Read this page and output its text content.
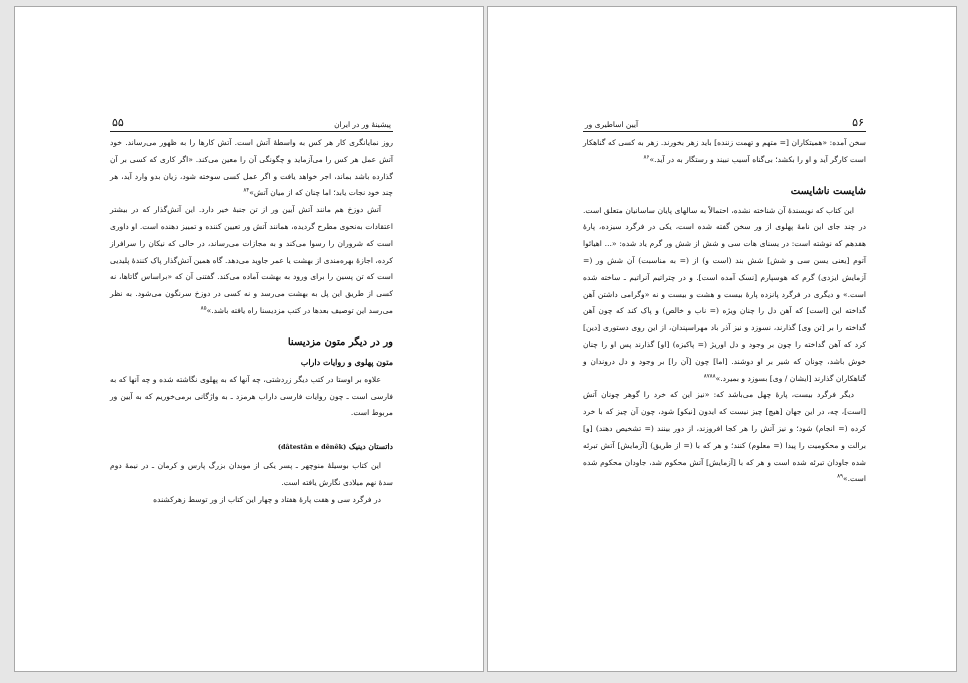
۵۵	پیشینهٔ ور در ایران

روز نمایانگری کار هر کس به واسطهٔ آتش است. آتش کارها را به ظهور می‌رساند. خود آتش عمل هر کس را می‌آزماید و چگونگی آن را معین می‌کند. «اگر کاری که کسی بر آن گذارده باشد بماند، اجر خواهد یافت و اگر عمل کسی سوخته شود، زیان بدو وارد آید، هر چند خود نجات یابد؛ اما چنان که از میان آتش»$^{۸۴}$

آتش دوزخ هم مانند آتش آیین ور از تن جنبهٔ خیر دارد. این آتش‌گذار که در بیشتر اعتقادات به‌نحوی مطرح گردیده، همانند آتش ور تعیین کننده و تمییز دهنده است. او داوری است که شروران را رسوا می‌کند و به مجازات می‌رساند، در حالی که نیکان را سرافراز کرده، اجازهٔ بهره‌مندی از بهشت یا عمر جاوید می‌دهد. گاه همین آتش‌گذار پاک کنندهٔ پلیدیی است که تن پسین را برای ورود به بهشت آماده می‌کند. گفتنی آن که «براساس گاتاها، نه کسی از طریق این پل به بهشت می‌رسد و نه کسی در دوزخ سرنگون می‌شود. به نظر می‌رسد این توصیف بعدها در کتب مزدیسنا راه یافته باشد.»$^{۸۵}$

ور در دیگر متون مزدیسنا
متون پهلوی و روایات داراب

علاوه بر اوستا در کتب دیگر زردشتی، چه آنها که به پهلوی نگاشته شده و چه آنها که به فارسی است ـ چون روایات فارسی داراب هرمزد ـ به واژگانی برمی‌خوریم که به آیین ور مربوط است.

داتستان دینیک (dâtestân e dênêk)

این کتاب بوسیلهٔ منوچهر ـ پسر یکی از موبدان بزرگ پارس و کرمان ـ در نیمهٔ دوم سدهٔ نهم میلادی نگارش یافته است.

در فرگرد سی و هفت پارهٔ هفتاد و چهار این کتاب از ور توسط زهرکشنده

۵۶
آیین اساطیری ور

سخن آمده: «همیتکاران [= متهم و تهمت زننده] باید زهر بخورند. زهر به کسی که گناهکار است کارگر آید و او را بکشد؛ بی‌گناه آسیب نبیند و رستگار به در آید.»$^{۸۶}$

شایست ناشایست

این کتاب که نویسندهٔ آن شناخته نشده، احتمالاً به سالهای پایان ساسانیان متعلق است. در چند جای این نامهٔ پهلوی از ور سخن گفته شده است، یکی در فرگرد سیزده، پارهٔ هفدهم که نوشته است: در یسنای هات سی و شش از شش ور گرم یاد شده: «... اهیائوا آتوم [یعنی یسن سی و شش] شش بند (است و) از (= به مناسبت) آن شش ور (= آزمایش ایزدی) گرم که هوسپارم [نسک آمده است]. و در چتراتیم آنراتیم ـ ساخته شده است.» و دیگری در فرگرد پانزده پارهٔ بیست و هشت و بیست و نه «وگرامی داشتن آهن گداخته این [است] که آهن دل را چنان ویژه (= ناب و خالص) و پاک کند که چون آهن گداخته را بر [تن وی] گذارند، نسوزد و نیز آذر باد مهراسپندان، از این روی دستوری [دین] کرد که آهن گداخته را چون بر وجود و دل اوریژ (= پاکیزه) [او] گذارند پس او را چنان خوش باشد، چونان که شیر بر او دوشند. [اما] چون [آن را] بر وجود و دل دروندان و گناهکاران گذارند [ایشان / وی] بسوزد و بمیرد.»$^{۸۷۸۸}$

دیگر فرگرد بیست، پارهٔ چهل می‌باشد که: «نیز این که خرد را گوهر چونان آتش [است]، چه، در این جهان [هیچ] چیز نیست که ایدون [نیکو] شود، چون آن چیز که با خرد کرده (= انجام) شود؛ و نیز آتش را هر کجا افروزند، از دور بینند (= تشخیص دهند) [و] برالت و محکومیت را پیدا (= معلوم) کنند؛ و هر که با (= از طریق) [آزمایش] آتش تبرئه شده جاودان تبرئه شده است و هر که با [آزمایش] آتش محکوم شد، جاودان محکوم شده است.»$^{۸۹}$
